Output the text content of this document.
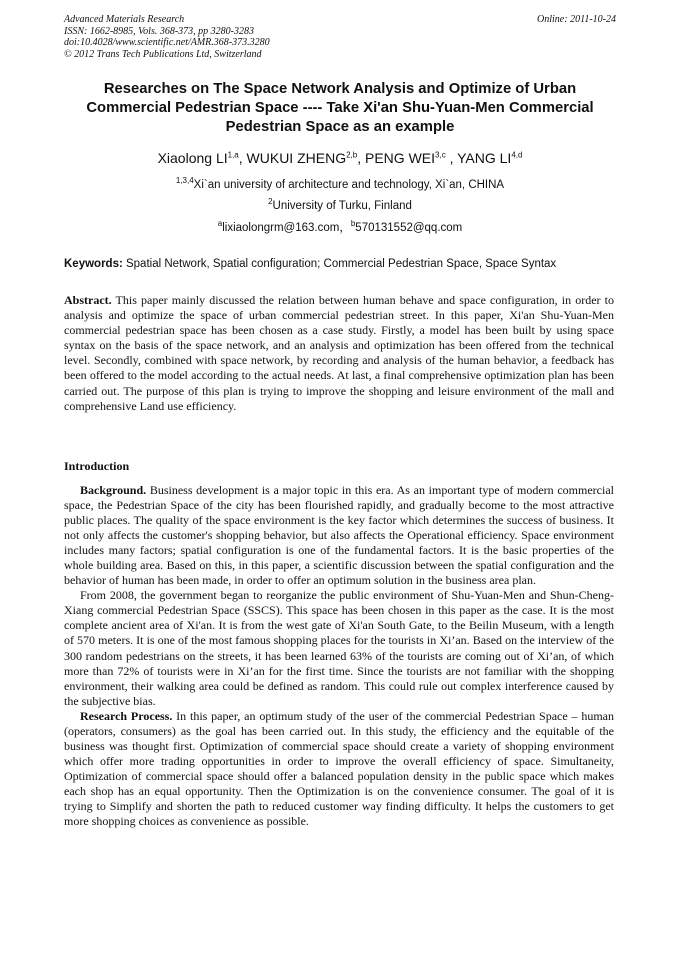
Advanced Materials Research
ISSN: 1662-8985, Vols. 368-373, pp 3280-3283
doi:10.4028/www.scientific.net/AMR.368-373.3280
© 2012 Trans Tech Publications Ltd, Switzerland
Online: 2011-10-24
Researches on The Space Network Analysis and Optimize of Urban Commercial Pedestrian Space ---- Take Xi'an Shu-Yuan-Men Commercial Pedestrian Space as an example
Xiaolong LI$^{1,a}$, WUKUI ZHENG$^{2,b}$, PENG WEI$^{3,c}$ , YANG LI$^{4,d}$
$^{1,3,4}$Xi`an university of architecture and technology, Xi`an, CHINA
$^2$University of Turku, Finland
$^a$lixiaolongrm@163.com，$^b$570131552@qq.com
Keywords: Spatial Network, Spatial configuration; Commercial Pedestrian Space, Space Syntax
Abstract. This paper mainly discussed the relation between human behave and space configuration, in order to analysis and optimize the space of urban commercial pedestrian street. In this paper, Xi'an Shu-Yuan-Men commercial pedestrian space has been chosen as a case study. Firstly, a model has been built by using space syntax on the basis of the space network, and an analysis and optimization has been offered from the technical level. Secondly, combined with space network, by recording and analysis of the human behavior, a feedback has been offered to the model according to the actual needs. At last, a final comprehensive optimization plan has been carried out. The purpose of this plan is trying to improve the shopping and leisure environment of the mall and comprehensive Land use efficiency.
Introduction

Background. Business development is a major topic in this era. As an important type of modern commercial space, the Pedestrian Space of the city has been flourished rapidly, and gradually become to the most attractive public places. The quality of the space environment is the key factor which determines the success of business. It not only affects the customer's shopping behavior, but also affects the Operational efficiency. Space environment includes many factors; spatial configuration is one of the fundamental factors. It is the basic properties of the whole building area. Based on this, in this paper, a scientific discussion between the spatial configuration and the behavior of human has been made, in order to offer an optimum solution in the business area plan.

From 2008, the government began to reorganize the public environment of Shu-Yuan-Men and Shun-Cheng-Xiang commercial Pedestrian Space (SSCS). This space has been chosen in this paper as the case. It is the most complete ancient area of Xi'an. It is from the west gate of Xi'an South Gate, to the Beilin Museum, with a length of 570 meters. It is one of the most famous shopping places for the tourists in Xi’an. Based on the interview of the 300 random pedestrians on the streets, it has been learned 63% of the tourists are coming out of Xi’an, of which more than 72% of tourists were in Xi’an for the first time. Since the tourists are not familiar with the shopping environment, their walking area could be defined as random. This could rule out complex interference caused by the subjective bias.

Research Process. In this paper, an optimum study of the user of the commercial Pedestrian Space – human (operators, consumers) as the goal has been carried out. In this study, the efficiency and the equitable of the business was thought first. Optimization of commercial space should create a variety of shopping environment which offer more trading opportunities in order to improve the overall efficiency of space. Simultaneity, Optimization of commercial space should offer a balanced population density in the public space which makes each shop has an equal opportunity. Then the Optimization is on the convenience consumer. The goal of it is trying to Simplify and shorten the path to reduced customer way finding difficulty. It helps the customers to get more shopping choices as convenience as possible.
